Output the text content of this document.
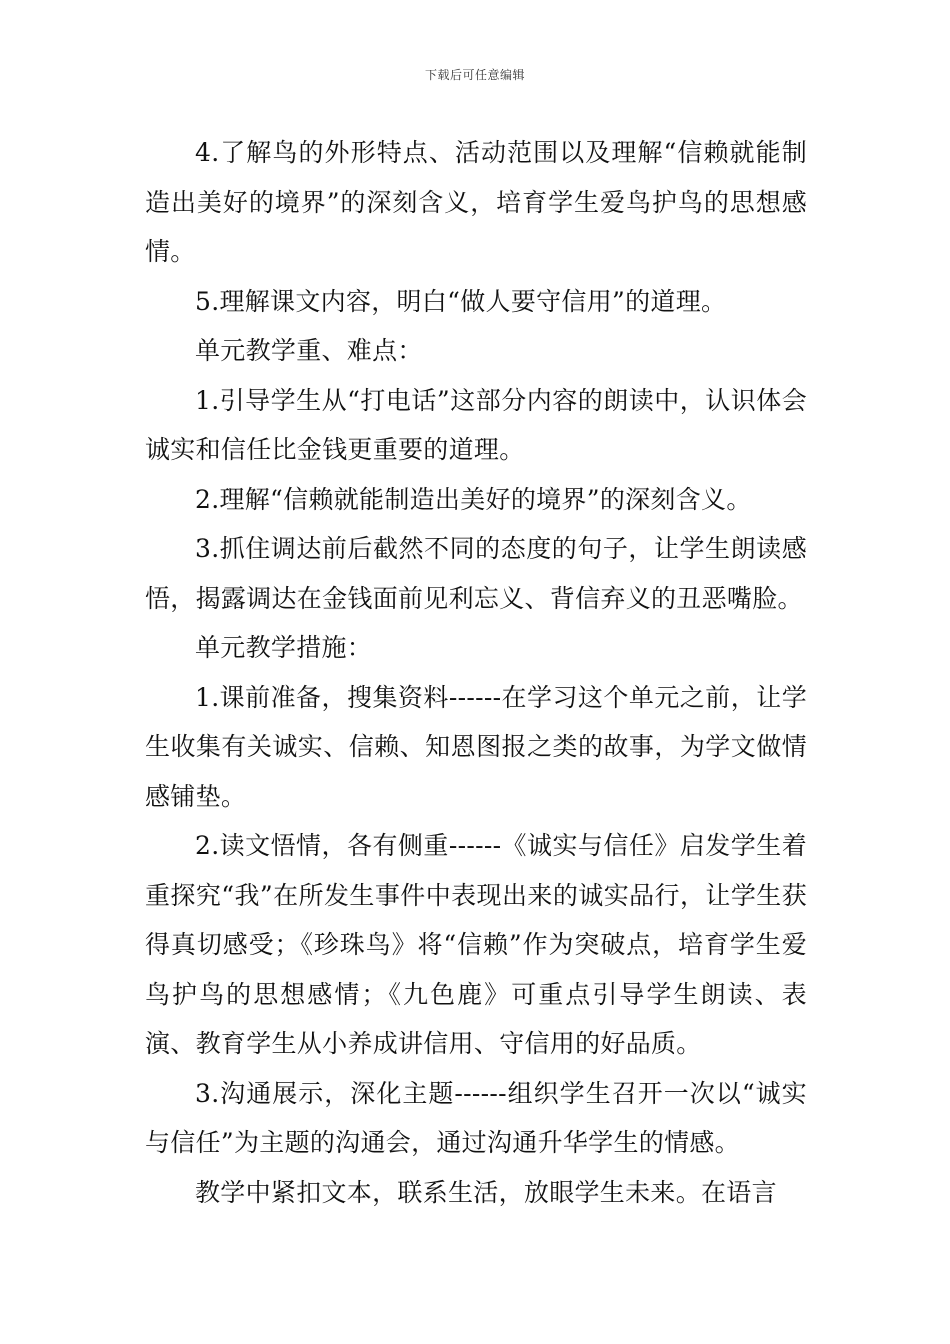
下载后可任意编辑

4.了解鸟的外形特点、活动范围以及理解“信赖就能制造出美好的境界”的深刻含义，培育学生爱鸟护鸟的思想感情。

5.理解课文内容，明白“做人要守信用”的道理。

单元教学重、难点：

1.引导学生从“打电话”这部分内容的朗读中，认识体会诚实和信任比金钱更重要的道理。

2.理解“信赖就能制造出美好的境界”的深刻含义。

3.抓住调达前后截然不同的态度的句子，让学生朗读感悟，揭露调达在金钱面前见利忘义、背信弃义的丑恶嘴脸。

单元教学措施：

1.课前准备，搜集资料------在学习这个单元之前，让学生收集有关诚实、信赖、知恩图报之类的故事，为学文做情感铺垫。

2.读文悟情，各有侧重------《诚实与信任》启发学生着重探究“我”在所发生事件中表现出来的诚实品行，让学生获得真切感受；《珍珠鸟》将“信赖”作为突破点，培育学生爱鸟护鸟的思想感情；《九色鹿》可重点引导学生朗读、表演、教育学生从小养成讲信用、守信用的好品质。

3.沟通展示，深化主题------组织学生召开一次以“诚实与信任”为主题的沟通会，通过沟通升华学生的情感。

教学中紧扣文本，联系生活，放眼学生未来。在语言
